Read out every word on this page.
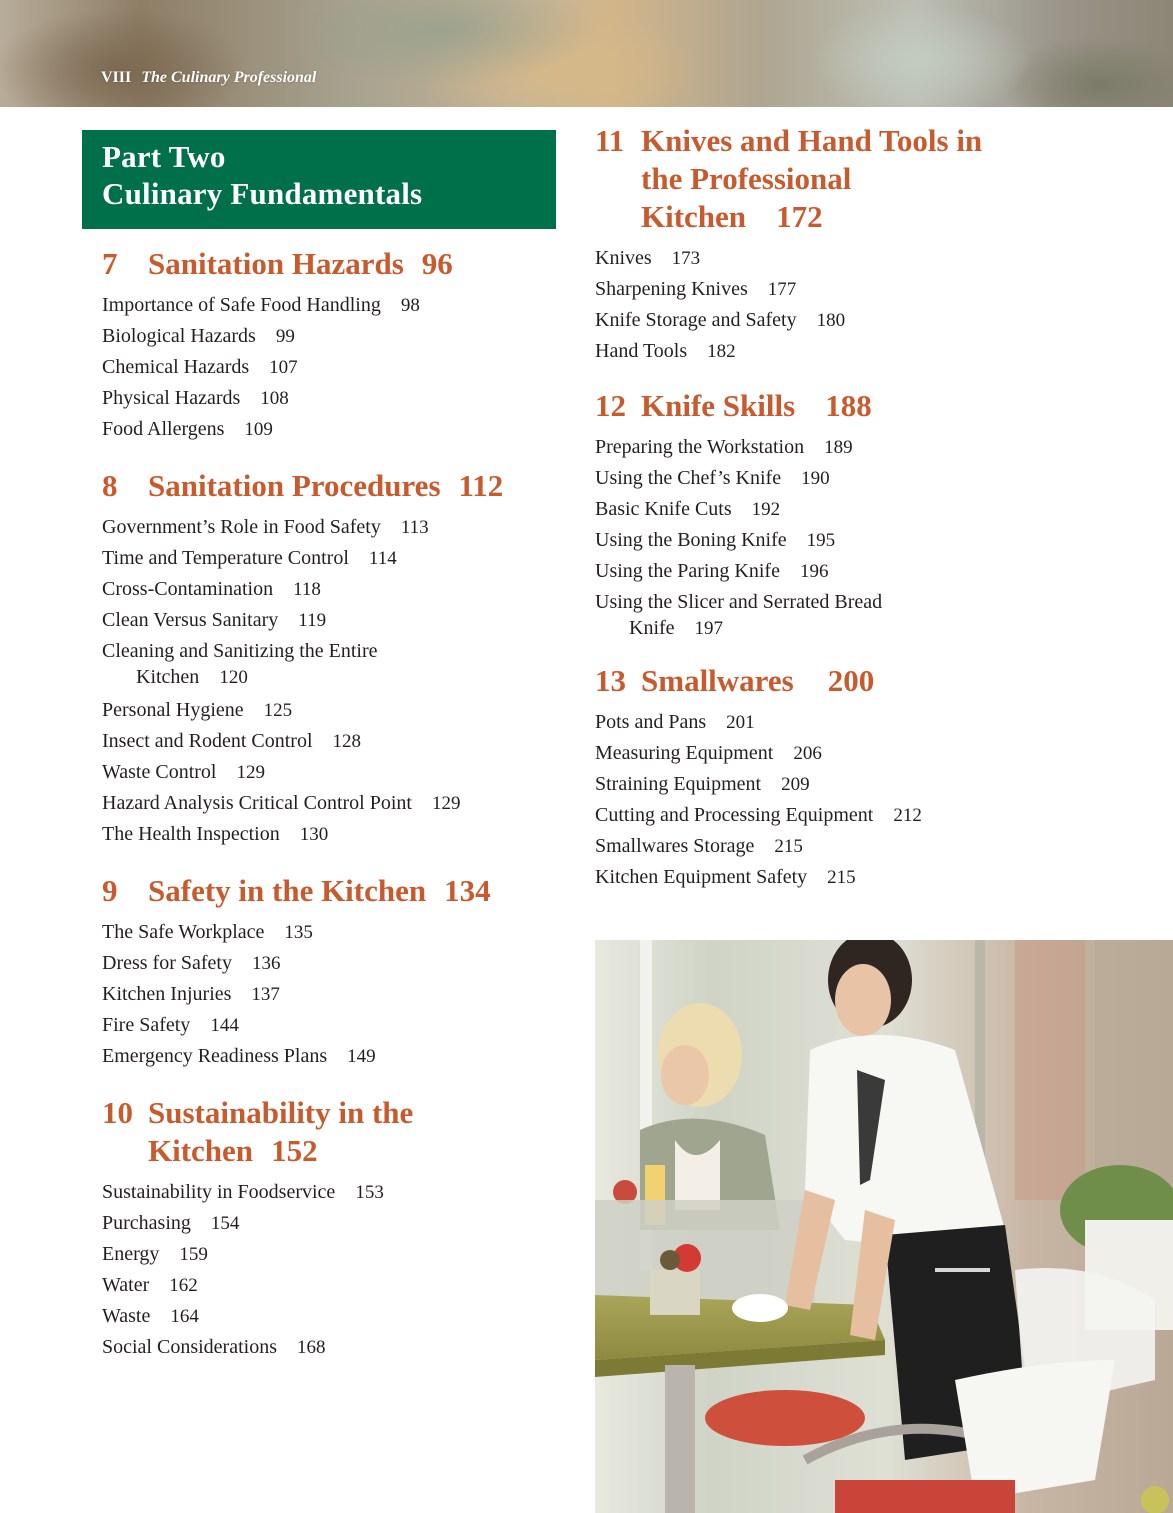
VIII The Culinary Professional
Part Two
Culinary Fundamentals
7 Sanitation Hazards 96
Importance of Safe Food Handling 98
Biological Hazards 99
Chemical Hazards 107
Physical Hazards 108
Food Allergens 109
8 Sanitation Procedures 112
Government’s Role in Food Safety 113
Time and Temperature Control 114
Cross-Contamination 118
Clean Versus Sanitary 119
Cleaning and Sanitizing the Entire Kitchen 120
Personal Hygiene 125
Insect and Rodent Control 128
Waste Control 129
Hazard Analysis Critical Control Point 129
The Health Inspection 130
9 Safety in the Kitchen 134
The Safe Workplace 135
Dress for Safety 136
Kitchen Injuries 137
Fire Safety 144
Emergency Readiness Plans 149
10 Sustainability in the Kitchen 152
Sustainability in Foodservice 153
Purchasing 154
Energy 159
Water 162
Waste 164
Social Considerations 168
11 Knives and Hand Tools in the Professional Kitchen 172
Knives 173
Sharpening Knives 177
Knife Storage and Safety 180
Hand Tools 182
12 Knife Skills 188
Preparing the Workstation 189
Using the Chef’s Knife 190
Basic Knife Cuts 192
Using the Boning Knife 195
Using the Paring Knife 196
Using the Slicer and Serrated Bread Knife 197
13 Smallwares 200
Pots and Pans 201
Measuring Equipment 206
Straining Equipment 209
Cutting and Processing Equipment 212
Smallwares Storage 215
Kitchen Equipment Safety 215
